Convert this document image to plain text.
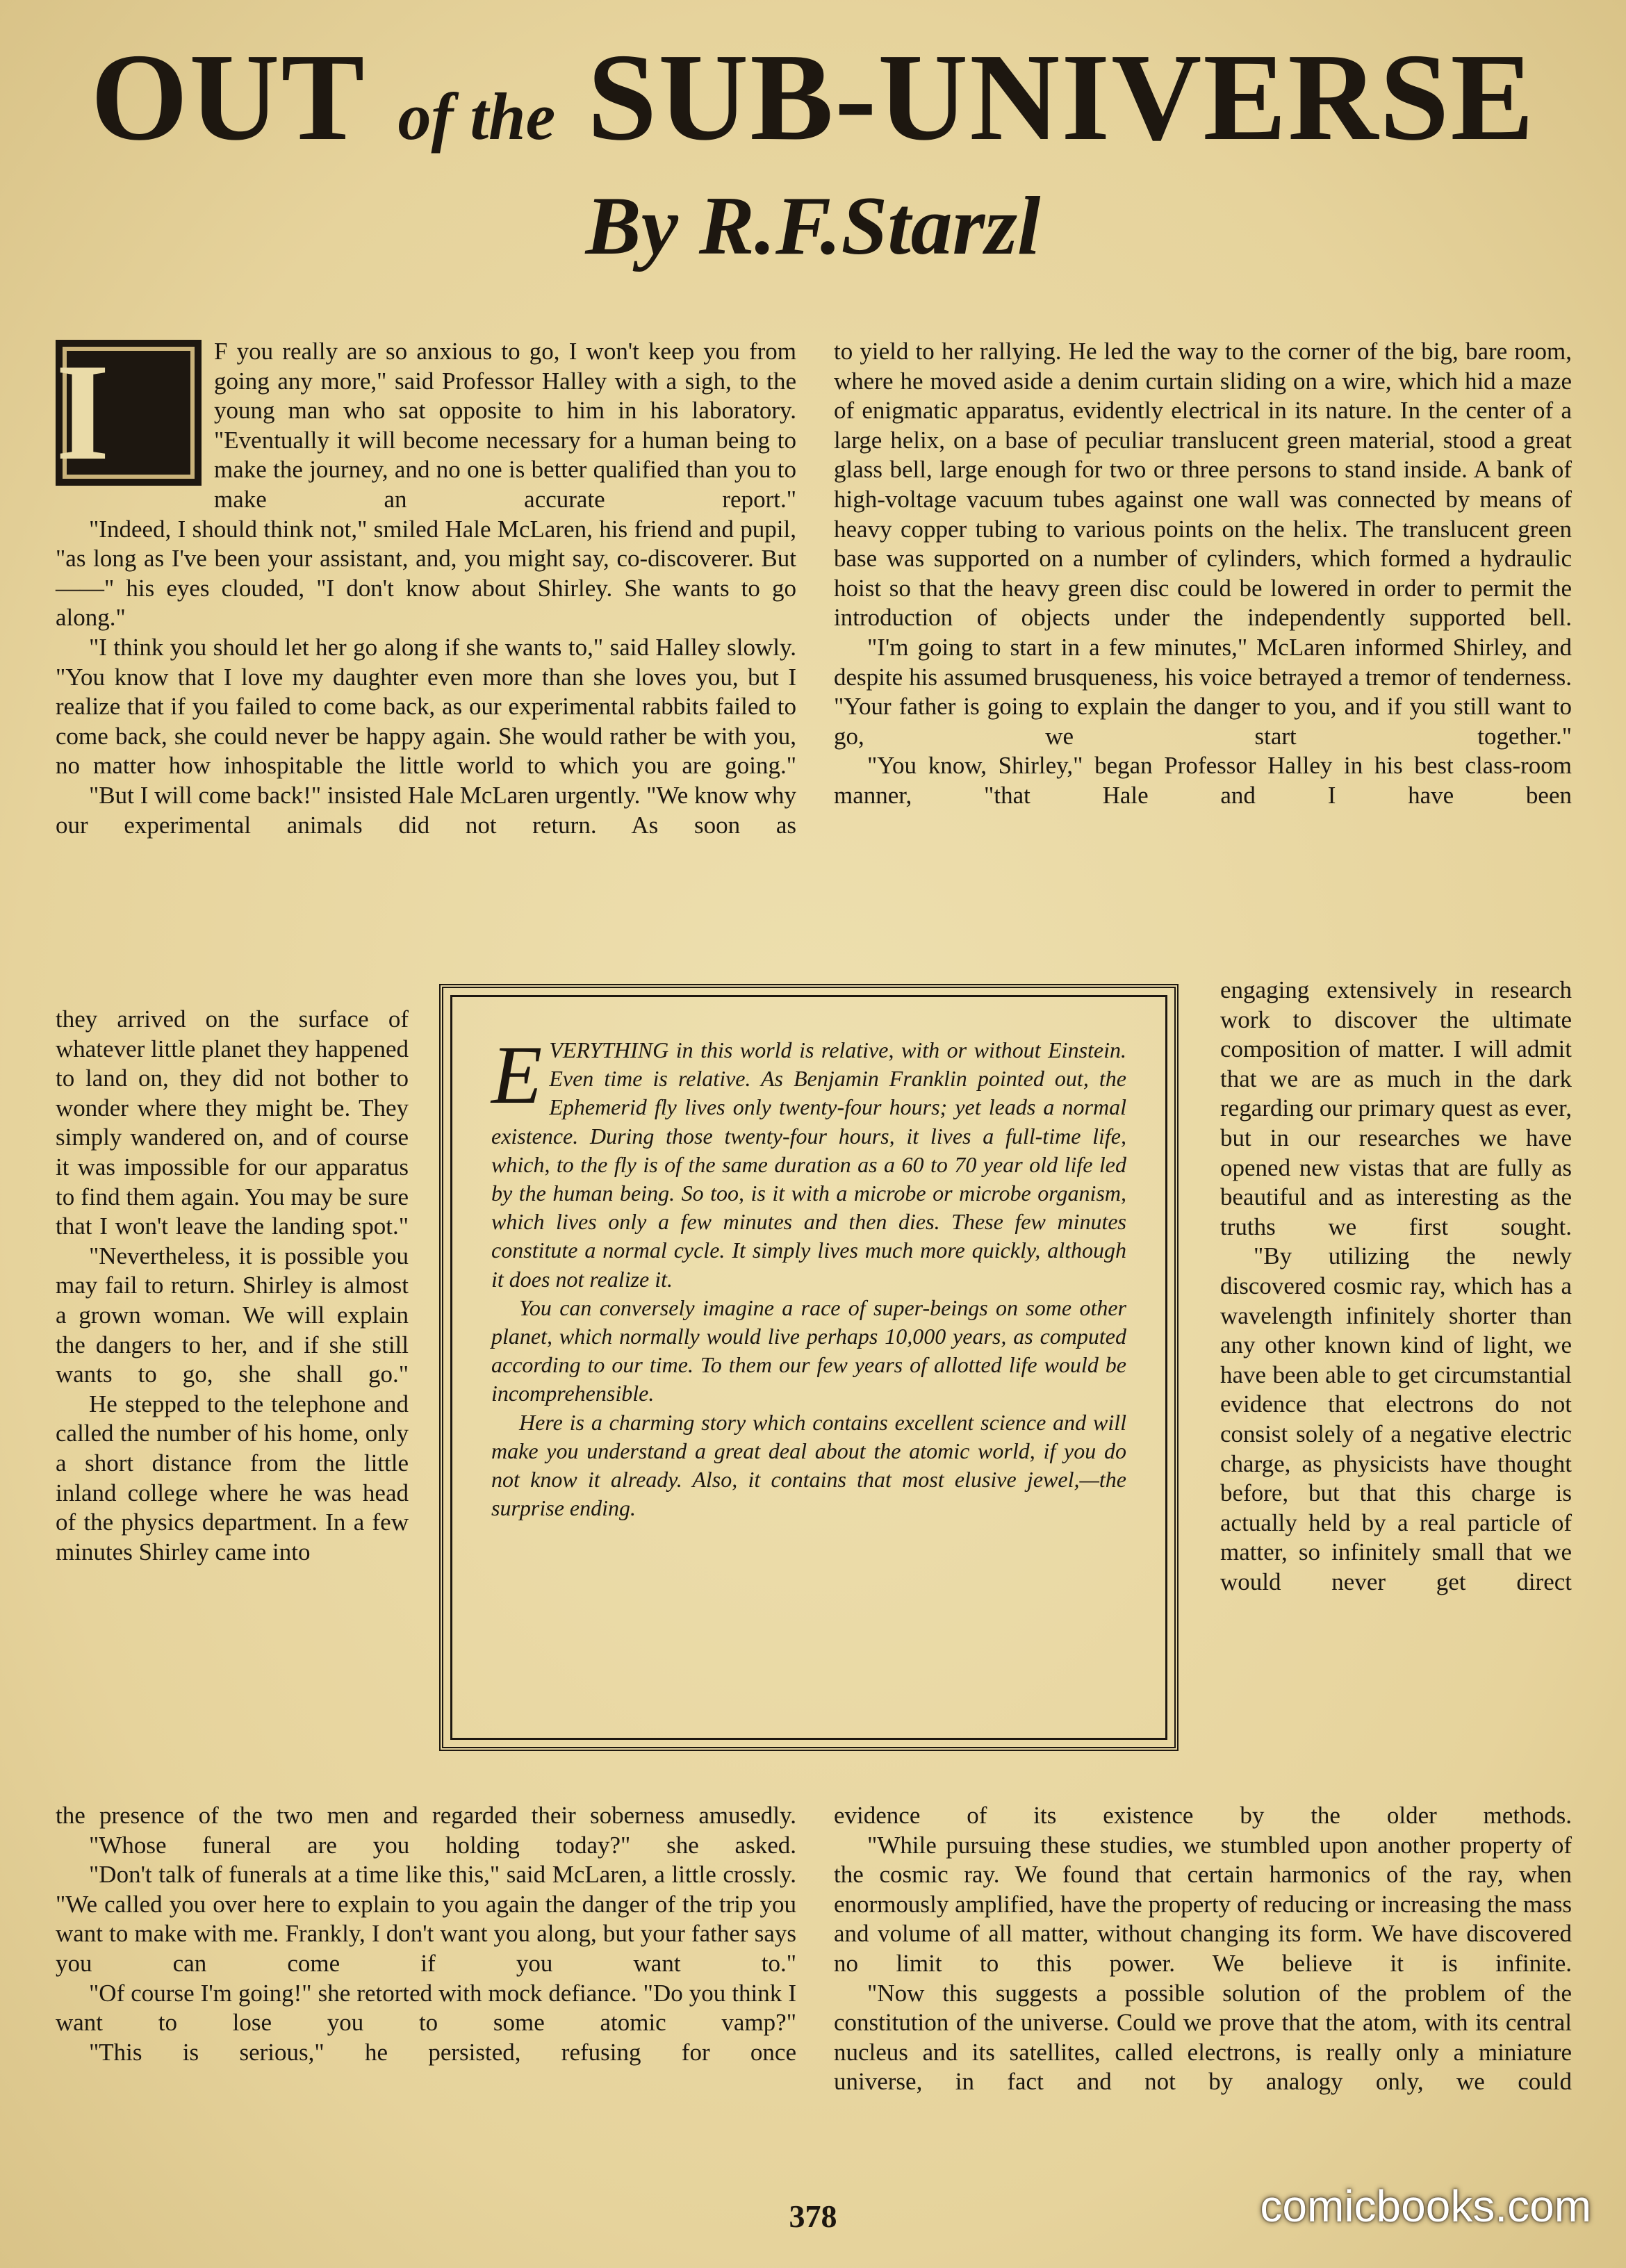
OUT of the SUB-UNIVERSE
By R.F.Starzl
I	F you really are so anxious to go, I won't keep you from going any more," said Professor Halley with a sigh, to the young man who sat opposite to him in his laboratory. "Eventually it will become necessary for a human being to make the journey, and no one is better qualified than you to make an accurate report."

"Indeed, I should think not," smiled Hale McLaren, his friend and pupil, "as long as I've been your assistant, and, you might say, co-discoverer. But ——" his eyes clouded, "I don't know about Shirley. She wants to go along."

"I think you should let her go along if she wants to," said Halley slowly. "You know that I love my daughter even more than she loves you, but I realize that if you failed to come back, as our experimental rabbits failed to come back, she could never be happy again. She would rather be with you, no matter how inhospitable the little world to which you are going."

"But I will come back!" insisted Hale McLaren urgently. "We know why our experimental animals did not return. As soon as

they arrived on the surface of whatever little planet they happened to land on, they did not bother to wonder where they might be. They simply wandered on, and of course it was impossible for our apparatus to find them again. You may be sure that I won't leave the landing spot."

"Nevertheless, it is possible you may fail to return. Shirley is almost a grown woman. We will explain the dangers to her, and if she still wants to go, she shall go."

He stepped to the telephone and called the number of his home, only a short distance from the little inland college where he was head of the physics department. In a few minutes Shirley came into

the presence of the two men and regarded their soberness amusedly.

"Whose funeral are you holding today?" she asked.

"Don't talk of funerals at a time like this," said McLaren, a little crossly. "We called you over here to explain to you again the danger of the trip you want to make with me. Frankly, I don't want you along, but your father says you can come if you want to."

"Of course I'm going!" she retorted with mock defiance. "Do you think I want to lose you to some atomic vamp?"

"This is serious," he persisted, refusing for once

to yield to her rallying. He led the way to the corner of the big, bare room, where he moved aside a denim curtain sliding on a wire, which hid a maze of enigmatic apparatus, evidently electrical in its nature. In the center of a large helix, on a base of peculiar translucent green material, stood a great glass bell, large enough for two or three persons to stand inside. A bank of high-voltage vacuum tubes against one wall was connected by means of heavy copper tubing to various points on the helix. The translucent green base was supported on a number of cylinders, which formed a hydraulic hoist so that the heavy green disc could be lowered in order to permit the introduction of objects under the independently supported bell.

"I'm going to start in a few minutes," McLaren informed Shirley, and despite his assumed brusqueness, his voice betrayed a tremor of tenderness. "Your father is going to explain the danger to you, and if you still want to go, we start together."

"You know, Shirley," began Professor Halley in his best class-room manner, "that Hale and I have been

engaging extensively in research work to discover the ultimate composition of matter. I will admit that we are as much in the dark regarding our primary quest as ever, but in our researches we have opened new vistas that are fully as beautiful and as interesting as the truths we first sought.

"By utilizing the newly discovered cosmic ray, which has a wavelength infinitely shorter than any other known kind of light, we have been able to get circumstantial evidence that electrons do not consist solely of a negative electric charge, as physicists have thought before, but that this charge is actually held by a real particle of matter, so infinitely small that we would never get direct

evidence of its existence by the older methods.

"While pursuing these studies, we stumbled upon another property of the cosmic ray. We found that certain harmonics of the ray, when enormously amplified, have the property of reducing or increasing the mass and volume of all matter, without changing its form. We have discovered no limit to this power. We believe it is infinite.

"Now this suggests a possible solution of the problem of the constitution of the universe. Could we prove that the atom, with its central nucleus and its satellites, called electrons, is really only a miniature universe, in fact and not by analogy only, we could

EVERYTHING in this world is relative, with or without Einstein. Even time is relative. As Benjamin Franklin pointed out, the Ephemerid fly lives only twenty-four hours; yet leads a normal existence. During those twenty-four hours, it lives a full-time life, which, to the fly is of the same duration as a 60 to 70 year old life led by the human being. So too, is it with a microbe or microbe organism, which lives only a few minutes and then dies. These few minutes constitute a normal cycle. It simply lives much more quickly, although it does not realize it.

You can conversely imagine a race of super-beings on some other planet, which normally would live perhaps 10,000 years, as computed according to our time. To them our few years of allotted life would be incomprehensible.

Here is a charming story which contains excellent science and will make you understand a great deal about the atomic world, if you do not know it already. Also, it contains that most elusive jewel,—the surprise ending.

378	comicbooks.com
